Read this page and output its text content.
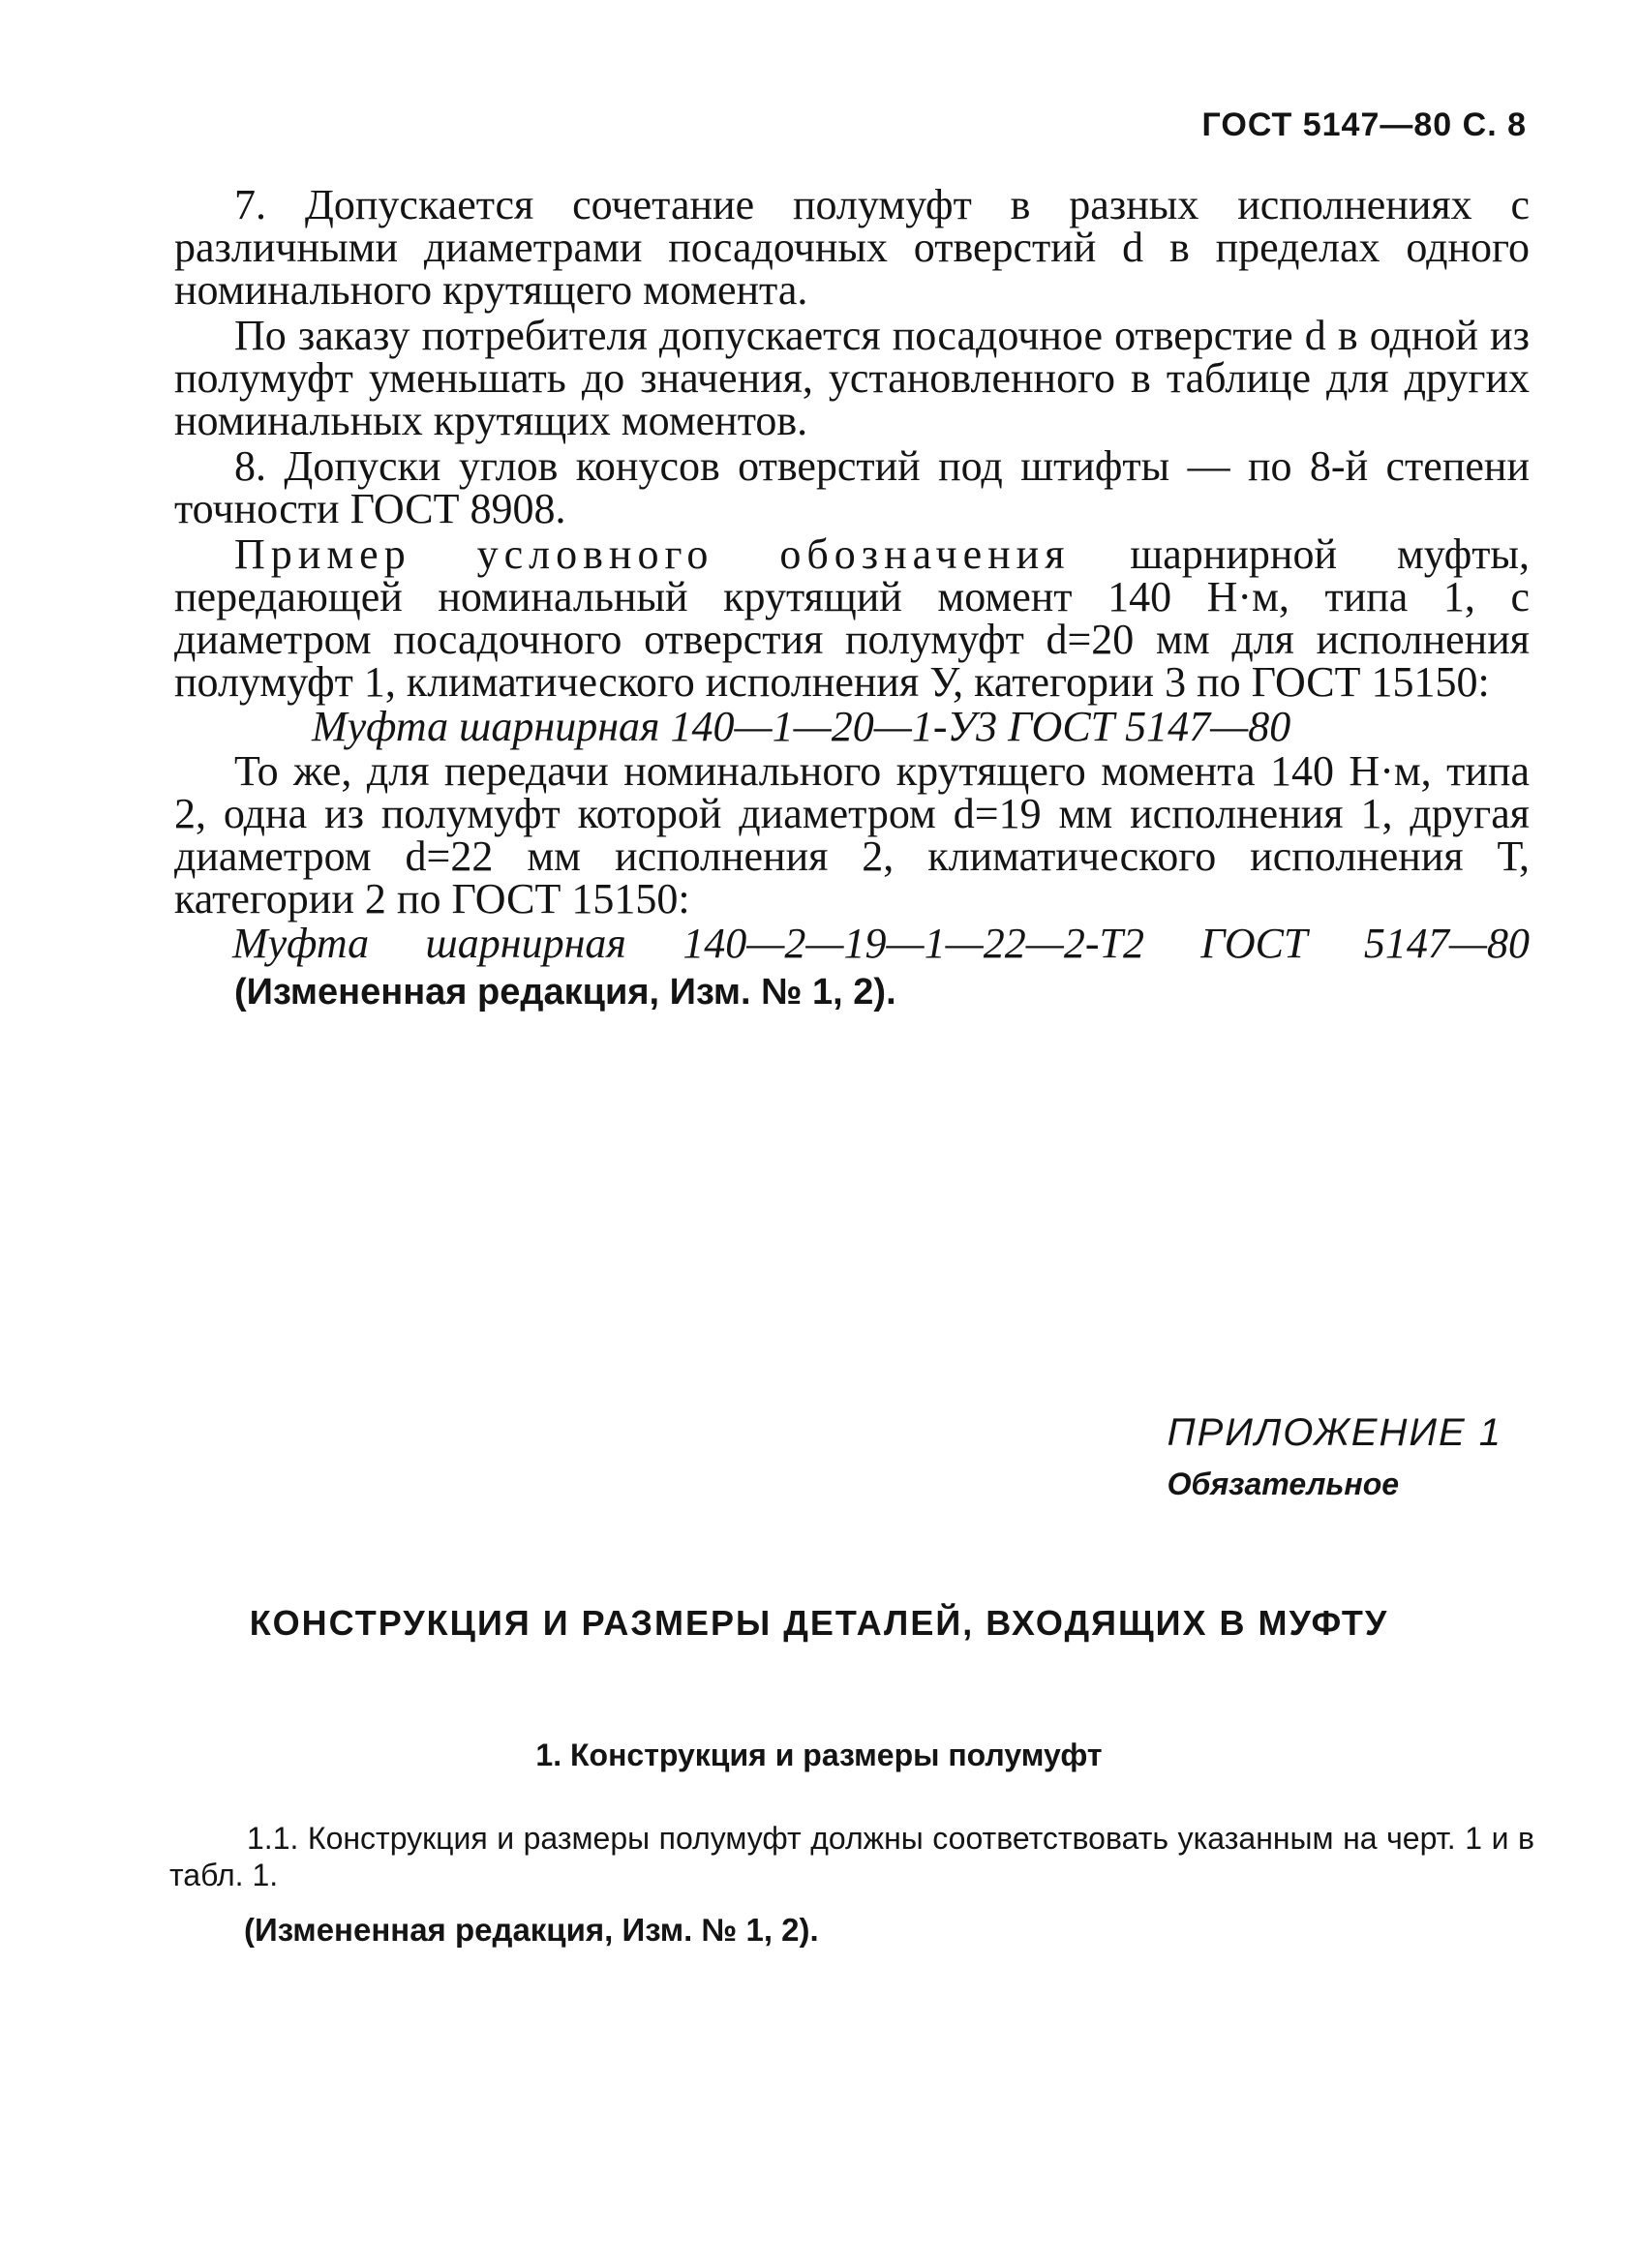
ГОСТ 5147—80 С. 8

7. Допускается сочетание полумуфт в разных исполнениях с различными диаметрами посадочных отверстий d в пределах одного номинального крутящего момента.

По заказу потребителя допускается посадочное отверстие d в одной из полумуфт уменьшать до значения, установленного в таблице для других номинальных крутящих моментов.

8. Допуски углов конусов отверстий под штифты — по 8-й степени точности ГОСТ 8908.

Пример условного обозначения шарнирной муфты, передающей номинальный крутящий момент 140 Н·м, типа 1, с диаметром посадочного отверстия полумуфт d=20 мм для исполнения полумуфт 1, климатического исполнения У, категории 3 по ГОСТ 15150:

Муфта шарнирная 140—1—20—1-У3 ГОСТ 5147—80

То же, для передачи номинального крутящего момента 140 Н·м, типа 2, одна из полумуфт которой диаметром d=19 мм исполнения 1, другая диаметром d=22 мм исполнения 2, климатического исполнения Т, категории 2 по ГОСТ 15150:

Муфта шарнирная 140—2—19—1—22—2-Т2 ГОСТ 5147—80

(Измененная редакция, Изм. № 1, 2).
ПРИЛОЖЕНИЕ 1
Обязательное
КОНСТРУКЦИЯ И РАЗМЕРЫ ДЕТАЛЕЙ, ВХОДЯЩИХ В МУФТУ
1. Конструкция и размеры полумуфт

1.1. Конструкция и размеры полумуфт должны соответствовать указанным на черт. 1 и в табл. 1.

(Измененная редакция, Изм. № 1, 2).
